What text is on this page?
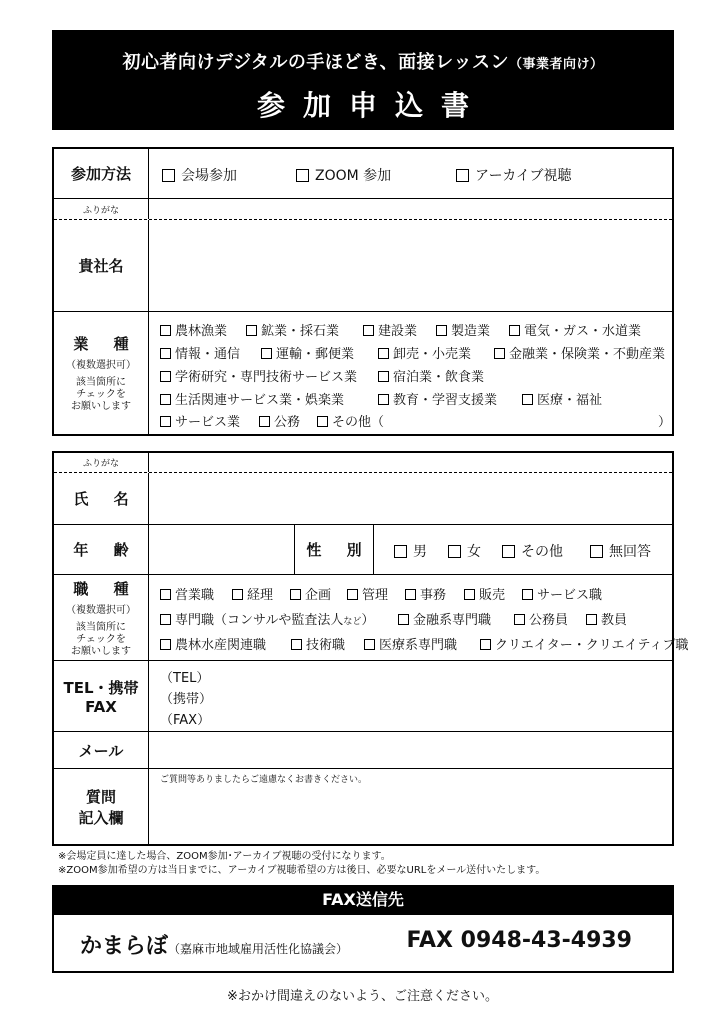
初心者向けデジタルの手ほどき、面接レッスン（事業者向け）
参加申込書
参加方法	会場参加	ZOOM 参加	アーカイブ視聴
ふりがな
貴社名
業 種
（複数選択可）
該当箇所に
チェックを
お願いします
農林漁業	鉱業・採石業	建設業	製造業	電気・ガス・水道業
情報・通信	運輸・郵便業	卸売・小売業	金融業・保険業・不動産業
学術研究・専門技術サービス業	宿泊業・飲食業
生活関連サービス業・娯楽業	教育・学習支援業	医療・福祉
サービス業	公務	その他（	）
ふりがな
氏 名
年 齢	性 別	男	女	その他	無回答
職 種
（複数選択可）
該当箇所に
チェックを
お願いします
営業職	経理	企画	管理	事務	販売	サービス職
専門職（コンサルや監査法人など）	金融系専門職	公務員	教員
農林水産関連職	技術職	医療系専門職	クリエイター・クリエイティブ職
TEL・携帯
FAX
（TEL）
（携帯）
（FAX）
メール
質問
記入欄
ご質問等ありましたらご遠慮なくお書きください。
※会場定員に達した場合、ZOOM参加･アーカイブ視聴の受付になります。
※ZOOM参加希望の方は当日までに、アーカイブ視聴希望の方は後日、必要なURLをメール送付いたします。
FAX送信先
かまらぼ（嘉麻市地域雇用活性化協議会）	FAX 0948-43-4939
※おかけ間違えのないよう、ご注意ください。
